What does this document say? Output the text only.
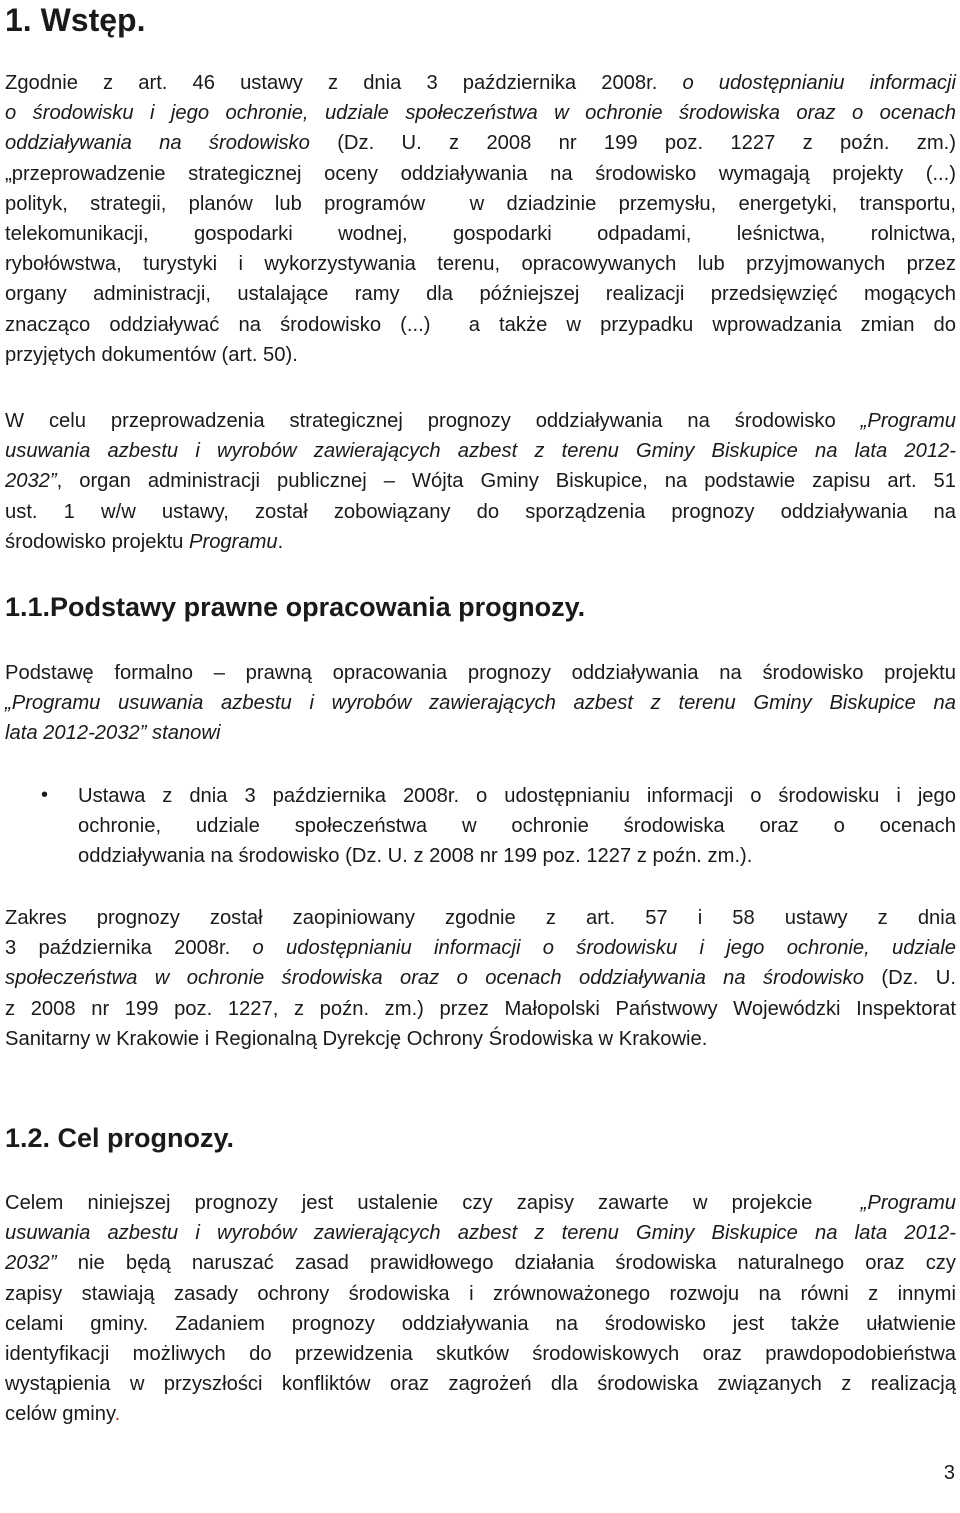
1. Wstęp.
Zgodnie z art. 46 ustawy z dnia 3 października 2008r. o udostępnianiu informacji
o środowisku i jego ochronie, udziale społeczeństwa w ochronie środowiska oraz o ocenach
oddziaływania na środowisko (Dz. U. z 2008 nr 199 poz. 1227 z poźn. zm.)
„przeprowadzenie strategicznej oceny oddziaływania na środowisko wymagają projekty (...)
polityk, strategii, planów lub programów  w dziadzinie przemysłu, energetyki, transportu,
telekomunikacji, gospodarki wodnej, gospodarki odpadami, leśnictwa, rolnictwa,
rybołówstwa, turystyki i wykorzystywania terenu, opracowywanych lub przyjmowanych przez
organy administracji, ustalające ramy dla późniejszej realizacji przedsięwzięć mogących
znacząco oddziaływać na środowisko (...)  a także w przypadku wprowadzania zmian do
przyjętych dokumentów (art. 50).
W celu przeprowadzenia strategicznej prognozy oddziaływania na środowisko „Programu
usuwania azbestu i wyrobów zawierających azbest z terenu Gminy Biskupice na lata 2012-
2032”, organ administracji publicznej – Wójta Gminy Biskupice, na podstawie zapisu art. 51
ust. 1 w/w ustawy, został zobowiązany do sporządzenia prognozy oddziaływania na
środowisko projektu Programu.
1.1.Podstawy prawne opracowania prognozy.
Podstawę formalno – prawną opracowania prognozy oddziaływania na środowisko projektu
„Programu usuwania azbestu i wyrobów zawierających azbest z terenu Gminy Biskupice na
lata 2012-2032” stanowi
• Ustawa z dnia 3 października 2008r. o udostępnianiu informacji o środowisku i jego
ochronie, udziale społeczeństwa w ochronie środowiska oraz o ocenach
oddziaływania na środowisko (Dz. U. z 2008 nr 199 poz. 1227 z poźn. zm.).
Zakres prognozy został zaopiniowany zgodnie z art. 57 i 58 ustawy z dnia
3 października 2008r. o udostępnianiu informacji o środowisku i jego ochronie, udziale
społeczeństwa w ochronie środowiska oraz o ocenach oddziaływania na środowisko (Dz. U.
z 2008 nr 199 poz. 1227, z poźn. zm.) przez Małopolski Państwowy Wojewódzki Inspektorat
Sanitarny w Krakowie i Regionalną Dyrekcję Ochrony Środowiska w Krakowie.
1.2. Cel prognozy.
Celem niniejszej prognozy jest ustalenie czy zapisy zawarte w projekcie  „Programu
usuwania azbestu i wyrobów zawierających azbest z terenu Gminy Biskupice na lata 2012-
2032” nie będą naruszać zasad prawidłowego działania środowiska naturalnego oraz czy
zapisy stawiają zasady ochrony środowiska i zrównoważonego rozwoju na równi z innymi
celami gminy. Zadaniem prognozy oddziaływania na środowisko jest także ułatwienie
identyfikacji możliwych do przewidzenia skutków środowiskowych oraz prawdopodobieństwa
wystąpienia w przyszłości konfliktów oraz zagrożeń dla środowiska związanych z realizacją
celów gminy.
3
